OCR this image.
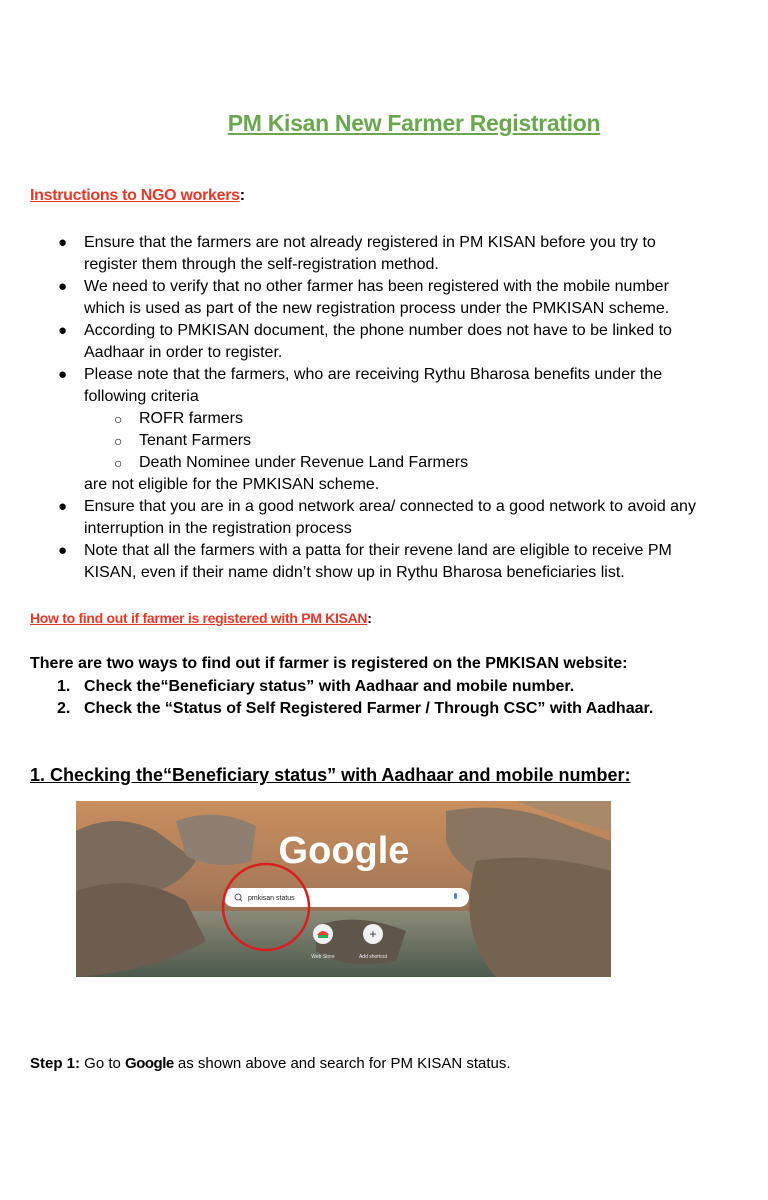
PM Kisan New Farmer Registration
Instructions to NGO workers:
● Ensure that the farmers are not already registered in PM KISAN before you try to
register them through the self-registration method.
● We need to verify that no other farmer has been registered with the mobile number
which is used as part of the new registration process under the PMKISAN scheme.
● According to PMKISAN document, the phone number does not have to be linked to
Aadhaar in order to register.
● Please note that the farmers, who are receiving Rythu Bharosa benefits under the
following criteria
○ ROFR farmers
○ Tenant Farmers
○ Death Nominee under Revenue Land Farmers
are not eligible for the PMKISAN scheme.
● Ensure that you are in a good network area/ connected to a good network to avoid any
interruption in the registration process
● Note that all the farmers with a patta for their revene land are eligible to receive PM
KISAN, even if their name didn’t show up in Rythu Bharosa beneficiaries list.
How to find out if farmer is registered with PM KISAN:
There are two ways to find out if farmer is registered on the PMKISAN website:
1. Check the“Beneficiary status” with Aadhaar and mobile number.
2. Check the “Status of Self Registered Farmer / Through CSC” with Aadhaar.
1. Checking the“Beneficiary status” with Aadhaar and mobile number:
Google
pmkisan status
+
Web Store	Add shortcut
Step 1: Go to Google as shown above and search for PM KISAN status.
